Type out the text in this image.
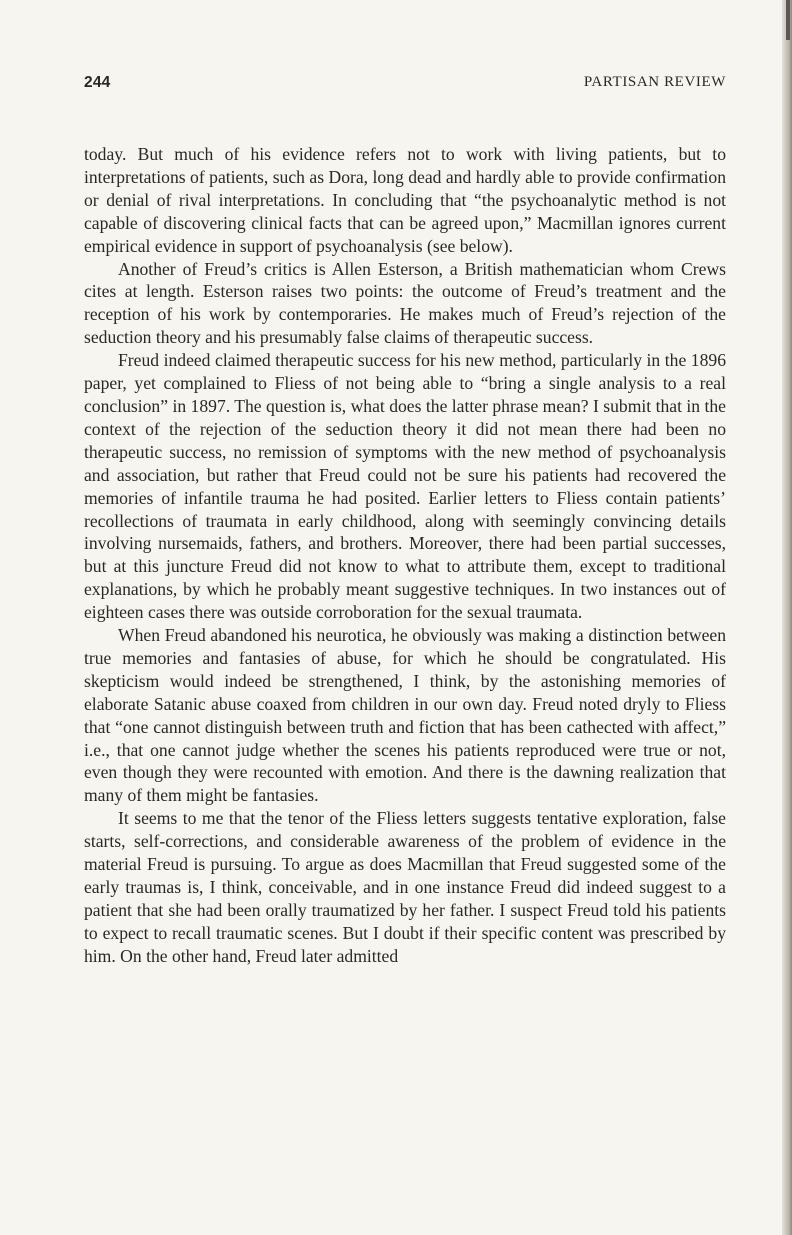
244	PARTISAN REVIEW

today. But much of his evidence refers not to work with living patients, but to interpretations of patients, such as Dora, long dead and hardly able to provide confirmation or denial of rival interpretations. In concluding that “the psychoanalytic method is not capable of discovering clinical facts that can be agreed upon,” Macmillan ignores current empirical evidence in support of psychoanalysis (see below).

Another of Freud’s critics is Allen Esterson, a British mathematician whom Crews cites at length. Esterson raises two points: the outcome of Freud’s treatment and the reception of his work by contemporaries. He makes much of Freud’s rejection of the seduction theory and his presumably false claims of therapeutic success.

Freud indeed claimed therapeutic success for his new method, particularly in the 1896 paper, yet complained to Fliess of not being able to “bring a single analysis to a real conclusion” in 1897. The question is, what does the latter phrase mean? I submit that in the context of the rejection of the seduction theory it did not mean there had been no therapeutic success, no remission of symptoms with the new method of psychoanalysis and association, but rather that Freud could not be sure his patients had recovered the memories of infantile trauma he had posited. Earlier letters to Fliess contain patients’ recollections of traumata in early childhood, along with seemingly convincing details involving nursemaids, fathers, and brothers. Moreover, there had been partial successes, but at this juncture Freud did not know to what to attribute them, except to traditional explanations, by which he probably meant suggestive techniques. In two instances out of eighteen cases there was outside corroboration for the sexual traumata.

When Freud abandoned his neurotica, he obviously was making a distinction between true memories and fantasies of abuse, for which he should be congratulated. His skepticism would indeed be strengthened, I think, by the astonishing memories of elaborate Satanic abuse coaxed from children in our own day. Freud noted dryly to Fliess that “one cannot distinguish between truth and fiction that has been cathected with affect,” i.e., that one cannot judge whether the scenes his patients reproduced were true or not, even though they were recounted with emotion. And there is the dawning realization that many of them might be fantasies.

It seems to me that the tenor of the Fliess letters suggests tentative exploration, false starts, self-corrections, and considerable awareness of the problem of evidence in the material Freud is pursuing. To argue as does Macmillan that Freud suggested some of the early traumas is, I think, conceivable, and in one instance Freud did indeed suggest to a patient that she had been orally traumatized by her father. I suspect Freud told his patients to expect to recall traumatic scenes. But I doubt if their specific content was prescribed by him. On the other hand, Freud later admitted
